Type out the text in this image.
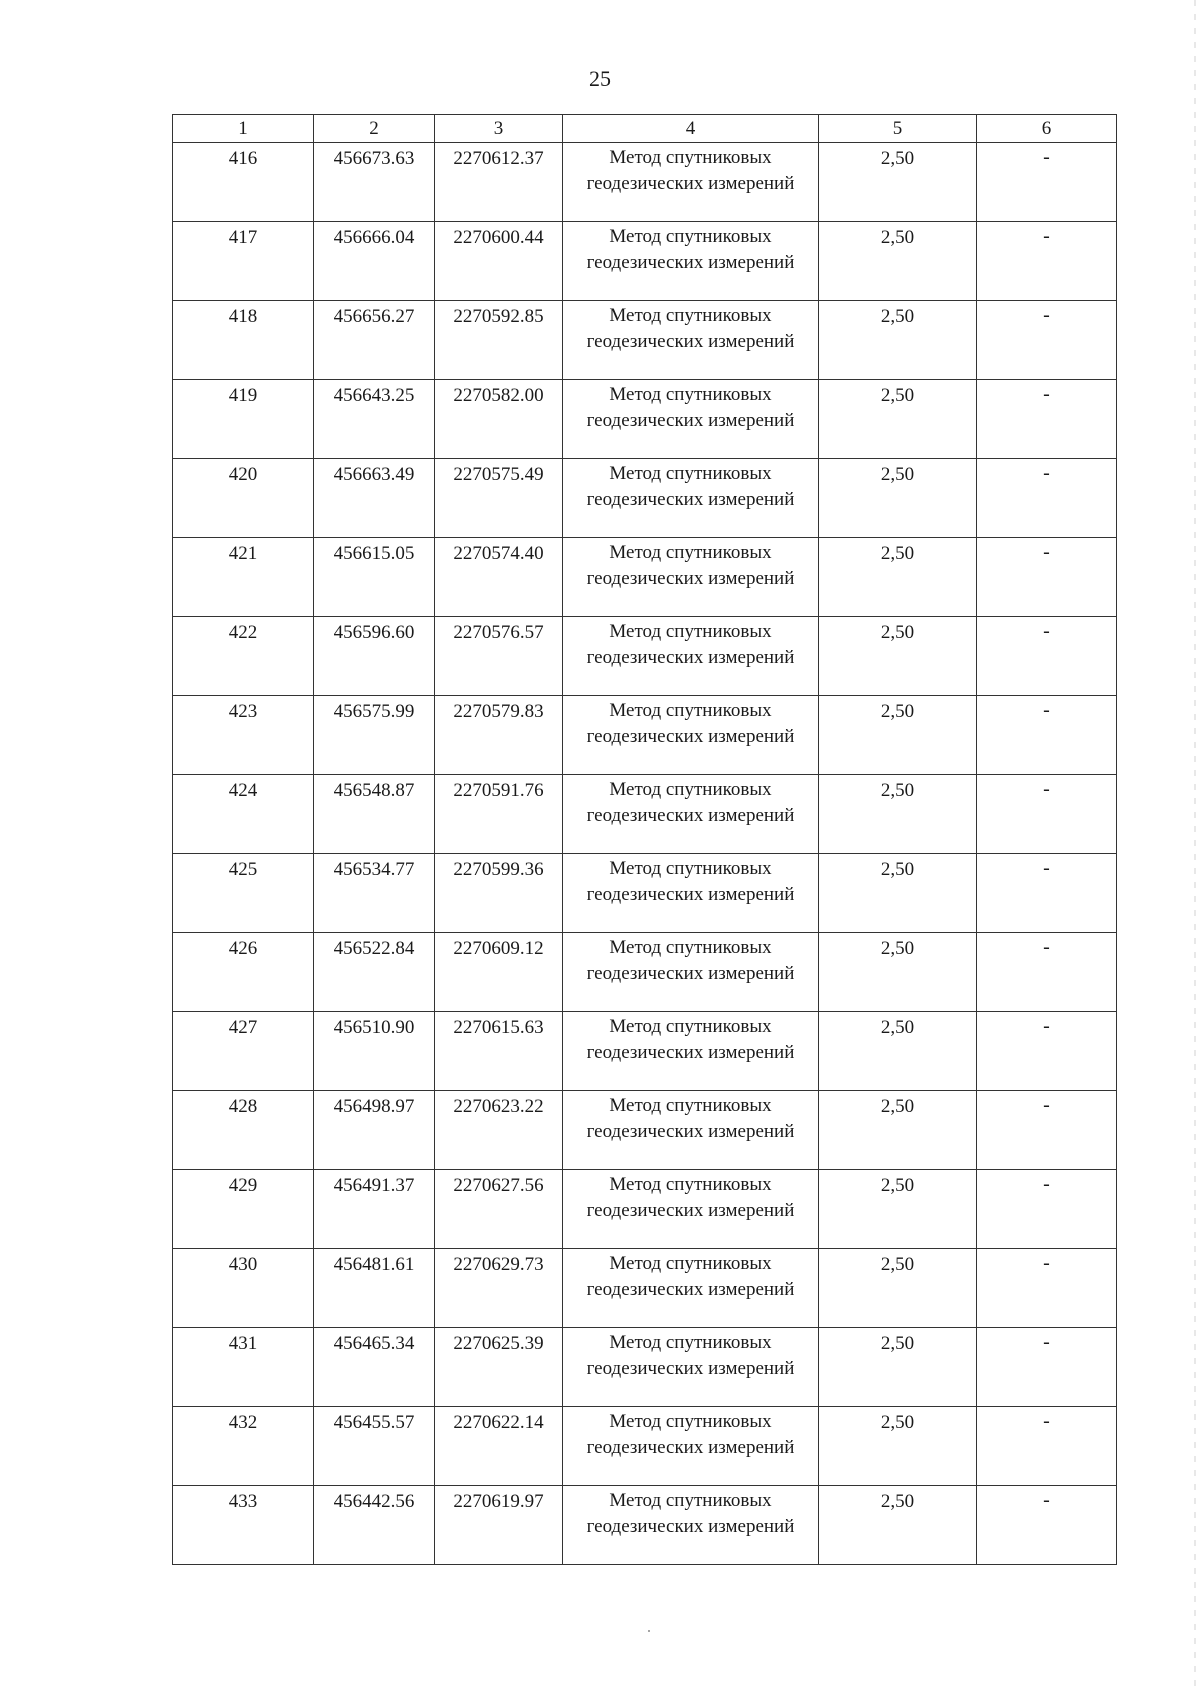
25
1	2	3	4	5	6
416	456673.63	2270612.37	Метод спутниковых геодезических измерений	2,50	-
417	456666.04	2270600.44	Метод спутниковых геодезических измерений	2,50	-
418	456656.27	2270592.85	Метод спутниковых геодезических измерений	2,50	-
419	456643.25	2270582.00	Метод спутниковых геодезических измерений	2,50	-
420	456663.49	2270575.49	Метод спутниковых геодезических измерений	2,50	-
421	456615.05	2270574.40	Метод спутниковых геодезических измерений	2,50	-
422	456596.60	2270576.57	Метод спутниковых геодезических измерений	2,50	-
423	456575.99	2270579.83	Метод спутниковых геодезических измерений	2,50	-
424	456548.87	2270591.76	Метод спутниковых геодезических измерений	2,50	-
425	456534.77	2270599.36	Метод спутниковых геодезических измерений	2,50	-
426	456522.84	2270609.12	Метод спутниковых геодезических измерений	2,50	-
427	456510.90	2270615.63	Метод спутниковых геодезических измерений	2,50	-
428	456498.97	2270623.22	Метод спутниковых геодезических измерений	2,50	-
429	456491.37	2270627.56	Метод спутниковых геодезических измерений	2,50	-
430	456481.61	2270629.73	Метод спутниковых геодезических измерений	2,50	-
431	456465.34	2270625.39	Метод спутниковых геодезических измерений	2,50	-
432	456455.57	2270622.14	Метод спутниковых геодезических измерений	2,50	-
433	456442.56	2270619.97	Метод спутниковых геодезических измерений	2,50	-
